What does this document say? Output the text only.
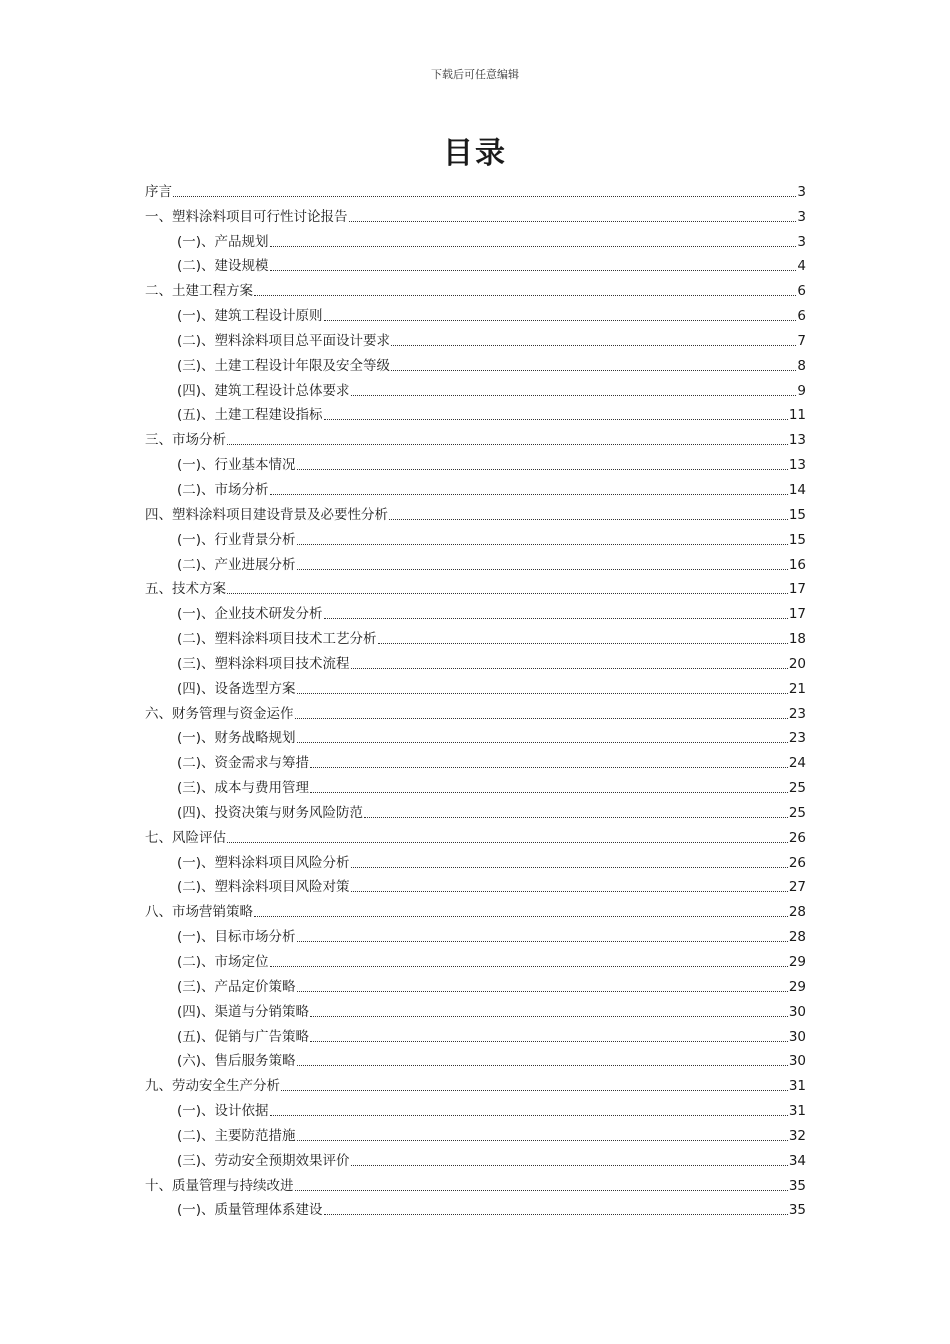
下载后可任意编辑
目录
序言	3
一、塑料涂料项目可行性讨论报告	3
(一)、产品规划	3
(二)、建设规模	4
二、土建工程方案	6
(一)、建筑工程设计原则	6
(二)、塑料涂料项目总平面设计要求	7
(三)、土建工程设计年限及安全等级	8
(四)、建筑工程设计总体要求	9
(五)、土建工程建设指标	11
三、市场分析	13
(一)、行业基本情况	13
(二)、市场分析	14
四、塑料涂料项目建设背景及必要性分析	15
(一)、行业背景分析	15
(二)、产业进展分析	16
五、技术方案	17
(一)、企业技术研发分析	17
(二)、塑料涂料项目技术工艺分析	18
(三)、塑料涂料项目技术流程	20
(四)、设备选型方案	21
六、财务管理与资金运作	23
(一)、财务战略规划	23
(二)、资金需求与筹措	24
(三)、成本与费用管理	25
(四)、投资决策与财务风险防范	25
七、风险评估	26
(一)、塑料涂料项目风险分析	26
(二)、塑料涂料项目风险对策	27
八、市场营销策略	28
(一)、目标市场分析	28
(二)、市场定位	29
(三)、产品定价策略	29
(四)、渠道与分销策略	30
(五)、促销与广告策略	30
(六)、售后服务策略	30
九、劳动安全生产分析	31
(一)、设计依据	31
(二)、主要防范措施	32
(三)、劳动安全预期效果评价	34
十、质量管理与持续改进	35
(一)、质量管理体系建设	35
